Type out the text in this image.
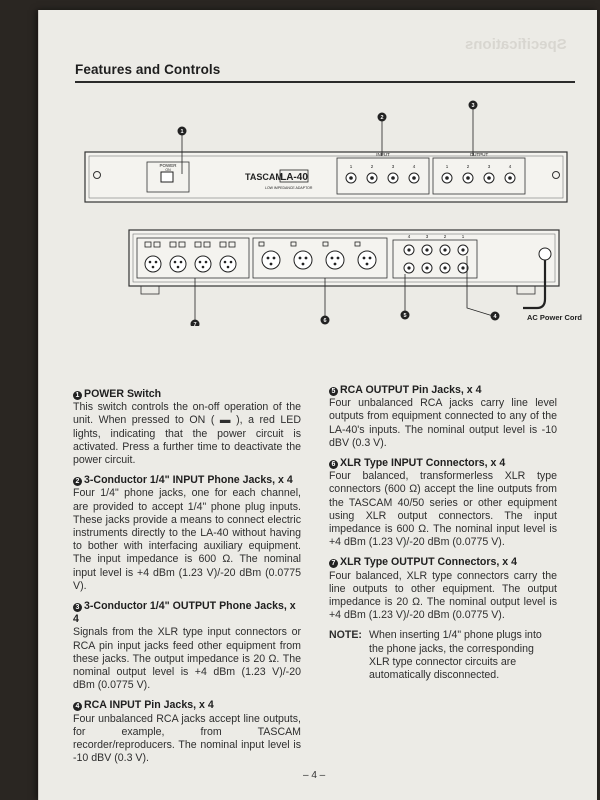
Specifications
Features and Controls
POWER
ON
TASCAM
LA-40
LOW IMPEDANCE ADAPTOR
INPUT
1	2	3	4
OUTPUT
1	2	3	4
1
2
3
4	3	2	1
AC Power Cord
7
6
5	4
1 POWER Switch
This switch controls the on-off operation of the unit. When pressed to ON ( ▬ ), a red LED lights, indicating that the power circuit is activated. Press a further time to deactivate the power circuit.
2 3-Conductor 1/4" INPUT Phone Jacks, x 4
Four 1/4" phone jacks, one for each channel, are provided to accept 1/4" phone plug inputs. These jacks provide a means to connect electric instruments directly to the LA-40 without having to bother with interfacing auxiliary equipment. The input impedance is 600 Ω. The nominal input level is +4 dBm (1.23 V)/-20 dBm (0.0775 V).
3 3-Conductor 1/4" OUTPUT Phone Jacks, x 4
Signals from the XLR type input connectors or RCA pin input jacks feed other equipment from these jacks. The output impedance is 20 Ω. The nominal output level is +4 dBm (1.23 V)/-20 dBm (0.0775 V).
4 RCA INPUT Pin Jacks, x 4
Four unbalanced RCA jacks accept line outputs, for example, from TASCAM recorder/reproducers. The nominal input level is -10 dBV (0.3 V).
5 RCA OUTPUT Pin Jacks, x 4
Four unbalanced RCA jacks carry line level outputs from equipment connected to any of the LA-40's inputs. The nominal output level is -10 dBV (0.3 V).
6 XLR Type INPUT Connectors, x 4
Four balanced, transformerless XLR type connectors (600 Ω) accept the line outputs from the TASCAM 40/50 series or other equipment using XLR output connectors. The input impedance is 600 Ω. The nominal input level is +4 dBm (1.23 V)/-20 dBm (0.0775 V).
7 XLR Type OUTPUT Connectors, x 4
Four balanced, XLR type connectors carry the line outputs to other equipment. The output impedance is 20 Ω. The nominal output level is +4 dBm (1.23 V)/-20 dBm (0.0775 V).
NOTE: When inserting 1/4" phone plugs into the phone jacks, the corresponding XLR type connector circuits are automatically disconnected.
– 4 –
